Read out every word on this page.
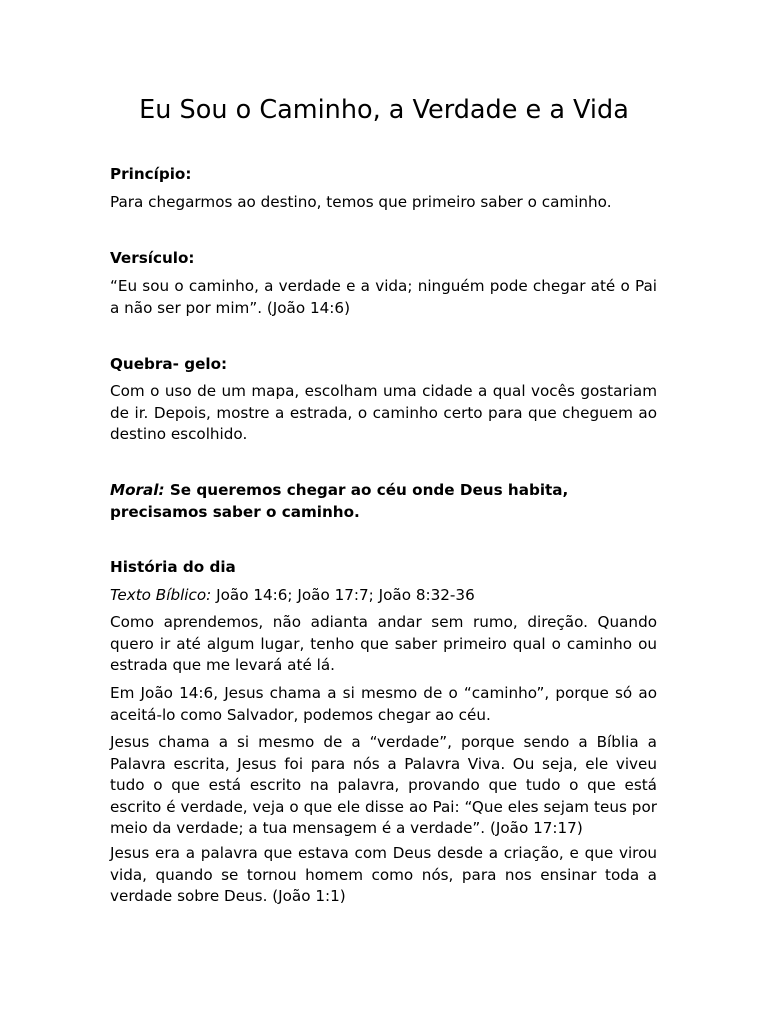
Eu Sou o Caminho, a Verdade e a Vida

Princípio:

Para chegarmos ao destino, temos que primeiro saber o caminho.

Versículo:

“Eu sou o caminho, a verdade e a vida; ninguém pode chegar até o Pai a não ser por mim”. (João 14:6)

Quebra- gelo:

Com o uso de um mapa, escolham uma cidade a qual vocês gostariam de ir. Depois, mostre a estrada, o caminho certo para que cheguem ao destino escolhido.

Moral: Se queremos chegar ao céu onde Deus habita, precisamos saber o caminho.

História do dia

Texto Bíblico: João 14:6; João 17:7; João 8:32-36

Como aprendemos, não adianta andar sem rumo, direção. Quando quero ir até algum lugar, tenho que saber primeiro qual o caminho ou estrada que me levará até lá.

Em João 14:6, Jesus chama a si mesmo de o “caminho”, porque só ao aceitá-lo como Salvador, podemos chegar ao céu.

Jesus chama a si mesmo de a “verdade”, porque sendo a Bíblia a Palavra escrita, Jesus foi para nós a Palavra Viva. Ou seja, ele viveu tudo o que está escrito na palavra, provando que tudo o que está escrito é verdade, veja o que ele disse ao Pai: “Que eles sejam teus por meio da verdade; a tua mensagem é a verdade”. (João 17:17)

Jesus era a palavra que estava com Deus desde a criação, e que virou vida, quando se tornou homem como nós, para nos ensinar toda a verdade sobre Deus. (João 1:1)
